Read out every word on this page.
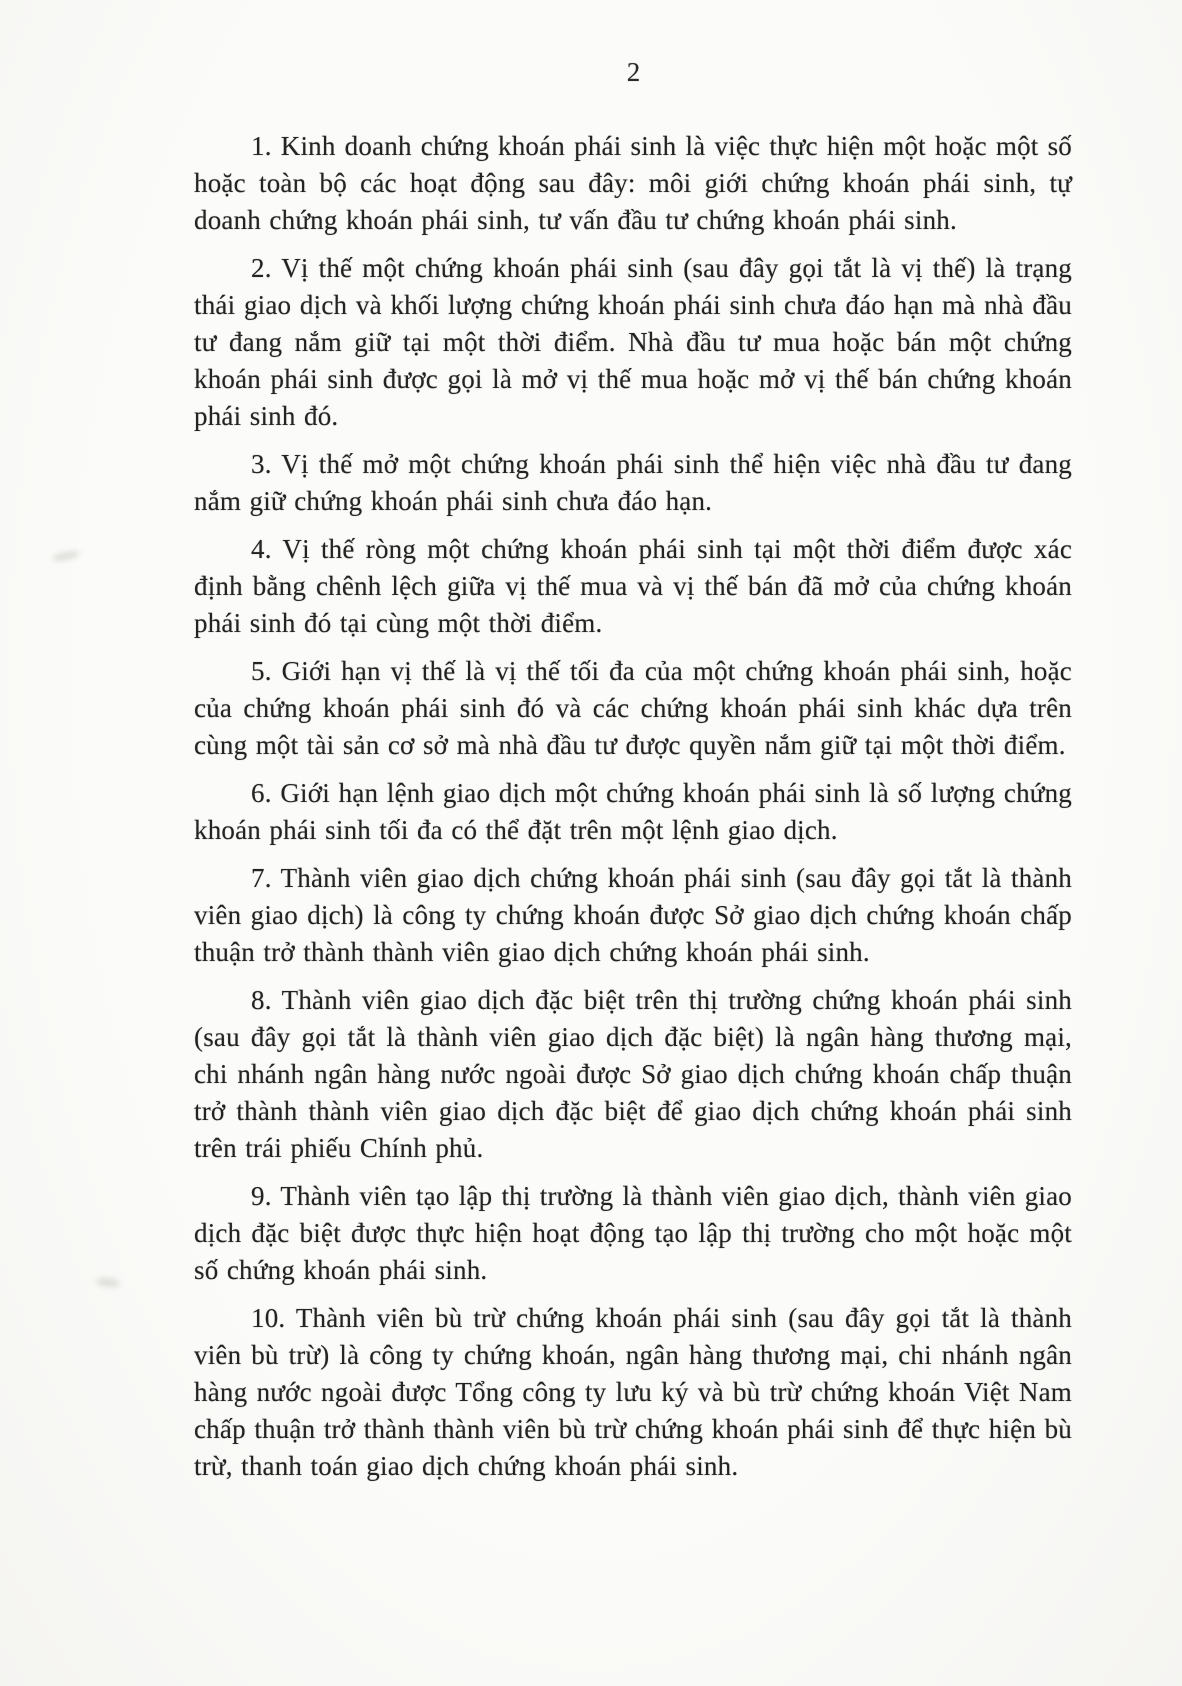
2

1. Kinh doanh chứng khoán phái sinh là việc thực hiện một hoặc một số hoặc toàn bộ các hoạt động sau đây: môi giới chứng khoán phái sinh, tự doanh chứng khoán phái sinh, tư vấn đầu tư chứng khoán phái sinh.

2. Vị thế một chứng khoán phái sinh (sau đây gọi tắt là vị thế) là trạng thái giao dịch và khối lượng chứng khoán phái sinh chưa đáo hạn mà nhà đầu tư đang nắm giữ tại một thời điểm. Nhà đầu tư mua hoặc bán một chứng khoán phái sinh được gọi là mở vị thế mua hoặc mở vị thế bán chứng khoán phái sinh đó.

3. Vị thế mở một chứng khoán phái sinh thể hiện việc nhà đầu tư đang nắm giữ chứng khoán phái sinh chưa đáo hạn.

4. Vị thế ròng một chứng khoán phái sinh tại một thời điểm được xác định bằng chênh lệch giữa vị thế mua và vị thế bán đã mở của chứng khoán phái sinh đó tại cùng một thời điểm.

5. Giới hạn vị thế là vị thế tối đa của một chứng khoán phái sinh, hoặc của chứng khoán phái sinh đó và các chứng khoán phái sinh khác dựa trên cùng một tài sản cơ sở mà nhà đầu tư được quyền nắm giữ tại một thời điểm.

6. Giới hạn lệnh giao dịch một chứng khoán phái sinh là số lượng chứng khoán phái sinh tối đa có thể đặt trên một lệnh giao dịch.

7. Thành viên giao dịch chứng khoán phái sinh (sau đây gọi tắt là thành viên giao dịch) là công ty chứng khoán được Sở giao dịch chứng khoán chấp thuận trở thành thành viên giao dịch chứng khoán phái sinh.

8. Thành viên giao dịch đặc biệt trên thị trường chứng khoán phái sinh (sau đây gọi tắt là thành viên giao dịch đặc biệt) là ngân hàng thương mại, chi nhánh ngân hàng nước ngoài được Sở giao dịch chứng khoán chấp thuận trở thành thành viên giao dịch đặc biệt để giao dịch chứng khoán phái sinh trên trái phiếu Chính phủ.

9. Thành viên tạo lập thị trường là thành viên giao dịch, thành viên giao dịch đặc biệt được thực hiện hoạt động tạo lập thị trường cho một hoặc một số chứng khoán phái sinh.

10. Thành viên bù trừ chứng khoán phái sinh (sau đây gọi tắt là thành viên bù trừ) là công ty chứng khoán, ngân hàng thương mại, chi nhánh ngân hàng nước ngoài được Tổng công ty lưu ký và bù trừ chứng khoán Việt Nam chấp thuận trở thành thành viên bù trừ chứng khoán phái sinh để thực hiện bù trừ, thanh toán giao dịch chứng khoán phái sinh.
